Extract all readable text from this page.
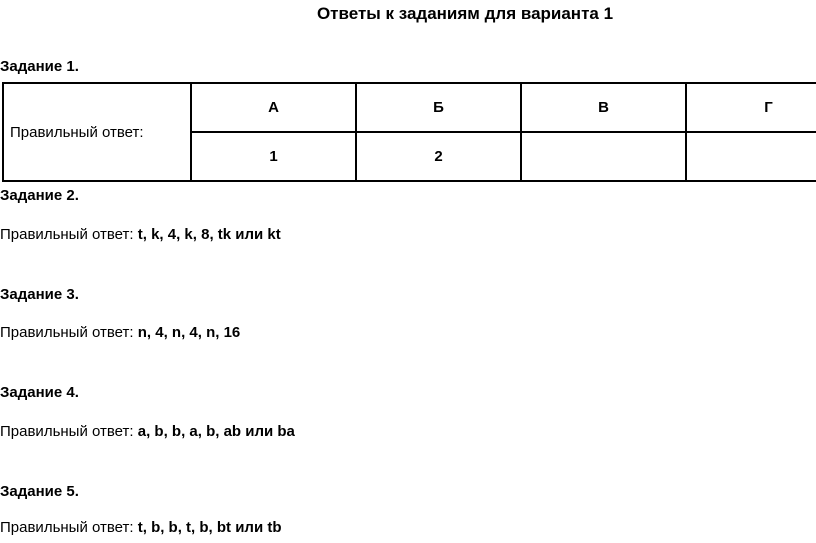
Ответы к заданиям для варианта 1
Задание 1.
Правильный ответ:	А	Б	В	Г
	1	2		
Задание 2.
Правильный ответ: t, k, 4, k, 8, tk или kt
Задание 3.
Правильный ответ: n, 4, n, 4, n, 16
Задание 4.
Правильный ответ: a, b, b, a, b, ab или ba
Задание 5.
Правильный ответ: t, b, b, t, b, bt или tb
